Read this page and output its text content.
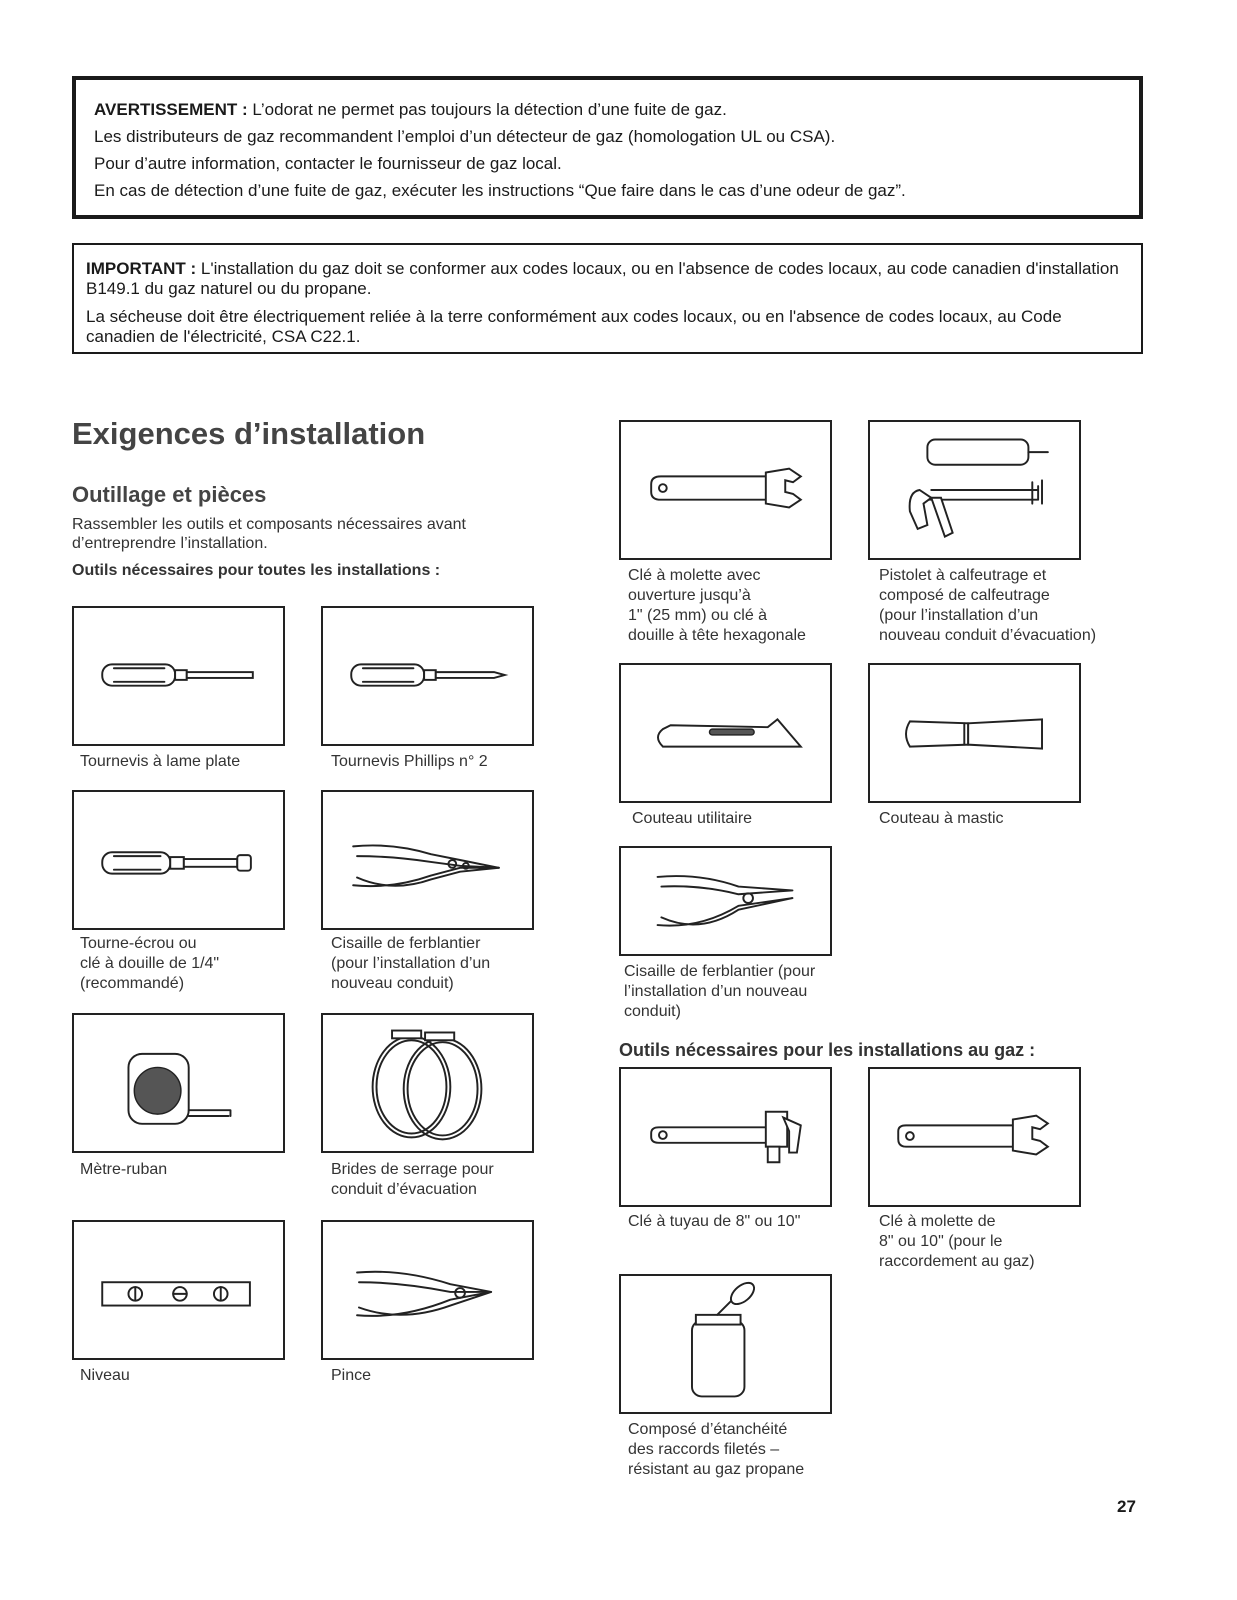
AVERTISSEMENT : L’odorat ne permet pas toujours la détection d’une fuite de gaz.

Les distributeurs de gaz recommandent l’emploi d’un détecteur de gaz (homologation UL ou CSA).

Pour d’autre information, contacter le fournisseur de gaz local.

En cas de détection d’une fuite de gaz, exécuter les instructions “Que faire dans le cas d’une odeur de gaz”.

IMPORTANT : L'installation du gaz doit se conformer aux codes locaux, ou en l'absence de codes locaux, au code canadien d'installation B149.1 du gaz naturel ou du propane.

La sécheuse doit être électriquement reliée à la terre conformément aux codes locaux, ou en l'absence de codes locaux, au Code canadien de l'électricité, CSA C22.1.

Exigences d’installation
Outillage et pièces

Rassembler les outils et composants nécessaires avant d’entreprendre l’installation.

Outils nécessaires pour toutes les installations :

Outils nécessaires pour les installations au gaz :

Tournevis à lame plate

Tourne-écrou ou
clé à douille de 1/4"
(recommandé)

Mètre-ruban

Niveau

Tournevis Phillips n° 2

Cisaille de ferblantier
(pour l’installation d’un
nouveau conduit)

Brides de serrage pour
conduit d’évacuation

Pince

Clé à molette avec
ouverture jusqu’à
1" (25 mm) ou clé à
douille à tête hexagonale

Couteau utilitaire

Cisaille de ferblantier (pour
l’installation d’un nouveau
conduit)

Clé à tuyau de 8" ou 10"

Composé d’étanchéité
des raccords filetés –
résistant au gaz propane

Pistolet à calfeutrage et
composé de calfeutrage
(pour l’installation d’un
nouveau conduit d’évacuation)

Couteau à mastic

Clé à molette de
8" ou 10" (pour le
raccordement au gaz)

27
